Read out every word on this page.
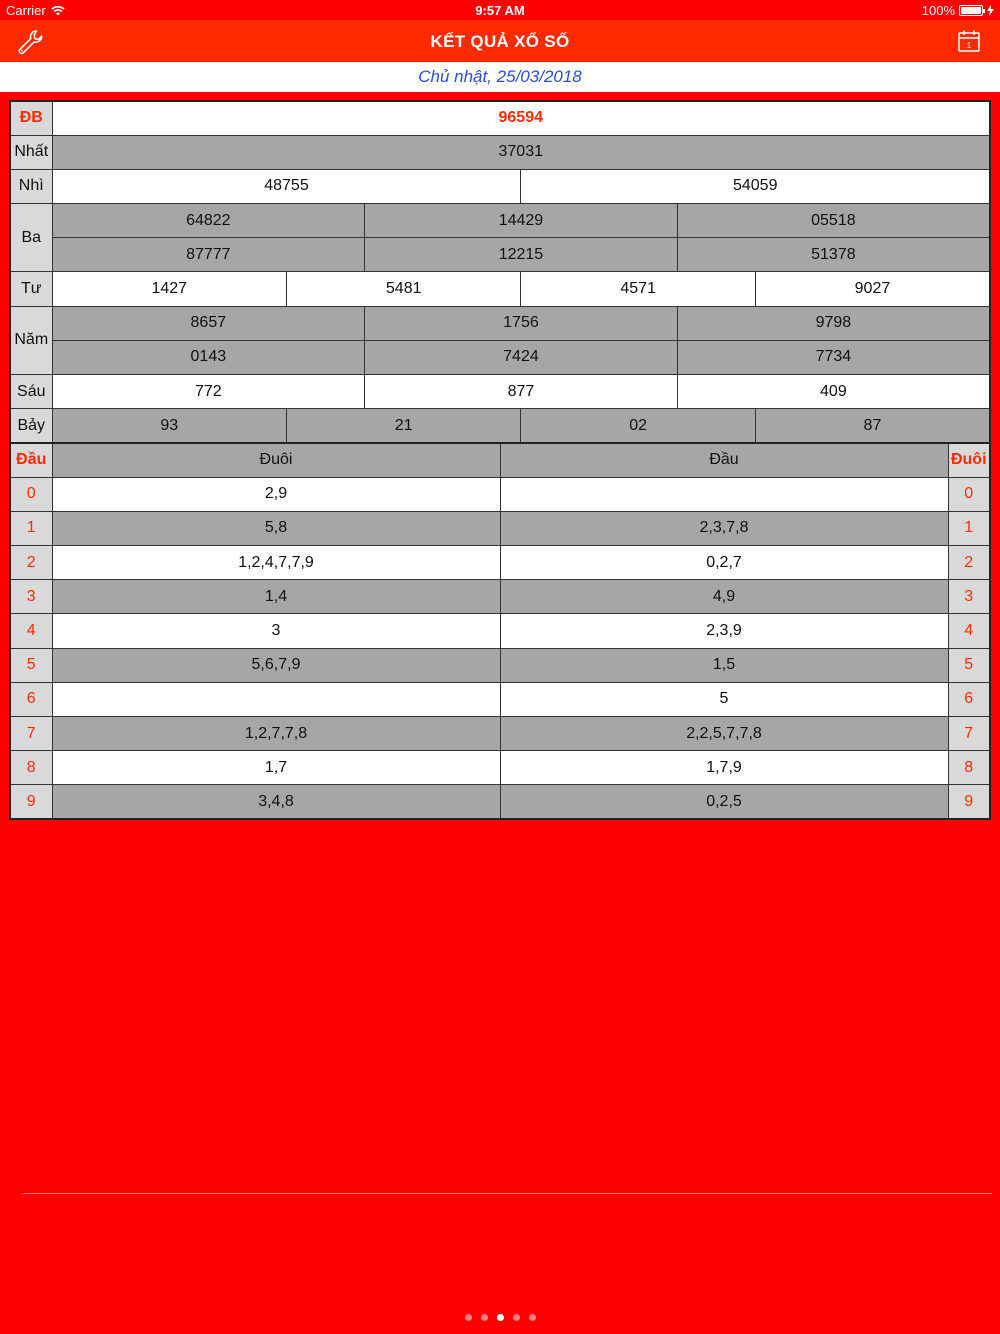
Carrier	9:57 AM	100%
KẾT QUẢ XỔ SỐ	1
Chủ nhật, 25/03/2018
ĐB	96594					
Nhất	37031					
Nhì	48755			54059		
Ba	64822		14429		05518	
	87777		12215		51378	
Tư	1427	5481		4571		9027
Năm	8657		1756		9798	
	0143		7424		7734	
Sáu	772		877		409	
Bảy	93	21		02		87
Đầu	Đuôi	Đầu	Đuôi
0	2,9		0
1	5,8	2,3,7,8	1
2	1,2,4,7,7,9	0,2,7	2
3	1,4	4,9	3
4	3	2,3,9	4
5	5,6,7,9	1,5	5
6		5	6
7	1,2,7,7,8	2,2,5,7,7,8	7
8	1,7	1,7,9	8
9	3,4,8	0,2,5	9
